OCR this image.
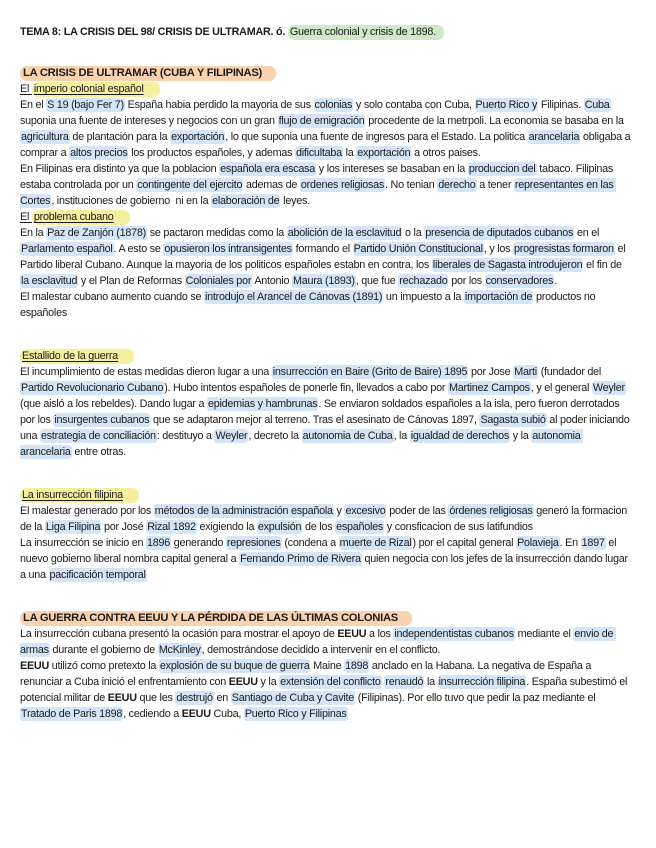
TEMA 8: LA CRISIS DEL 98/ CRISIS DE ULTRAMAR. ó. Guerra colonial y crisis de 1898.
LA CRISIS DE ULTRAMAR (CUBA Y FILIPINAS)
El imperio colonial español
En el S 19 (bajo Fer 7) España habia perdido la mayoria de sus colonias y solo contaba con Cuba, Puerto Rico y Filipinas. Cuba suponia una fuente de intereses y negocios con un gran flujo de emigración procedente de la metrpoli. La economia se basaba en la agricultura de plantación para la exportación, lo que suponia una fuente de ingresos para el Estado. La politica arancelaria obligaba a comprar a altos precios los productos españoles, y ademas dificultaba la exportación a otros paises.
En Filipinas era distinto ya que la poblacion española era escasa y los intereses se basaban en la produccion del tabaco. Filipinas estaba controlada por un contingente del ejercito ademas de ordenes religiosas. No tenian derecho a tener representantes en las Cortes, instituciones de gobierno  ni en la elaboración de leyes.
El problema cubano
En la Paz de Zanjón (1878) se pactaron medidas como la abolición de la esclavitud o la presencia de diputados cubanos en el Parlamento español. A esto se opusieron los intransigentes formando el Partido Unión Constitucional, y los progresistas formaron el Partido liberal Cubano. Aunque la mayoria de los politicos españoles estabn en contra, los liberales de Sagasta introdujeron el fin de la esclavitud y el Plan de Reformas Coloniales por Antonio Maura (1893), que fue rechazado por los conservadores.
El malestar cubano aumento cuando se introdujo el Arancel de Cánovas (1891) un impuesto a la importación de productos no españoles
Estallido de la guerra
El incumplimiento de estas medidas dieron lugar a una insurrección en Baire (Grito de Baire) 1895 por Jose Marti (fundador del Partido Revolucionario Cubano). Hubo intentos españoles de ponerle fin, llevados a cabo por Martinez Campos, y el general Weyler (que aisló a los rebeldes). Dando lugar a epidemias y hambrunas. Se enviaron soldados españoles a la isla, pero fueron derrotados por los insurgentes cubanos que se adaptaron mejor al terreno. Tras el asesinato de Cánovas 1897, Sagasta subió al poder iniciando una estrategia de conciliación: destituyo a Weyler, decreto la autonomia de Cuba, la igualdad de derechos y la autonomia arancelaria entre otras.
La insurrección filipina
El malestar generado por los métodos de la administración española y excesivo poder de las órdenes religiosas generó la formacion de la Liga Filipina por José Rizal 1892 exigiendo la expulsión de los españoles y consficacion de sus latifundios
La insurrección se inicio en 1896 generando represiones (condena a muerte de Rizal) por el capital general Polavieja. En 1897 el nuevo gobierno liberal nombra capital general a Fernando Primo de Rivera quien negocia con los jefes de la insurrección dando lugar a una pacificación temporal
LA GUERRA CONTRA EEUU Y LA PÉRDIDA DE LAS ÚLTIMAS COLONIAS
La insurrección cubana presentó la ocasión para mostrar el apoyo de EEUU a los independentistas cubanos mediante el envio de armas durante el gobierno de McKinley, demostrándose decidido a intervenir en el conflicto.
EEUU utilizó como pretexto la explosión de su buque de guerra Maine 1898 anclado en la Habana. La negativa de España a renunciar a Cuba inició el enfrentamiento con EEUU y la extensión del conflicto renaudó la insurrección filipina. España subestimó el potencial militar de EEUU que les destrujó en Santiago de Cuba y Cavite (Filipinas). Por ello tuvo que pedir la paz mediante el Tratado de Paris 1898, cediendo a EEUU Cuba, Puerto Rico y Filipinas
